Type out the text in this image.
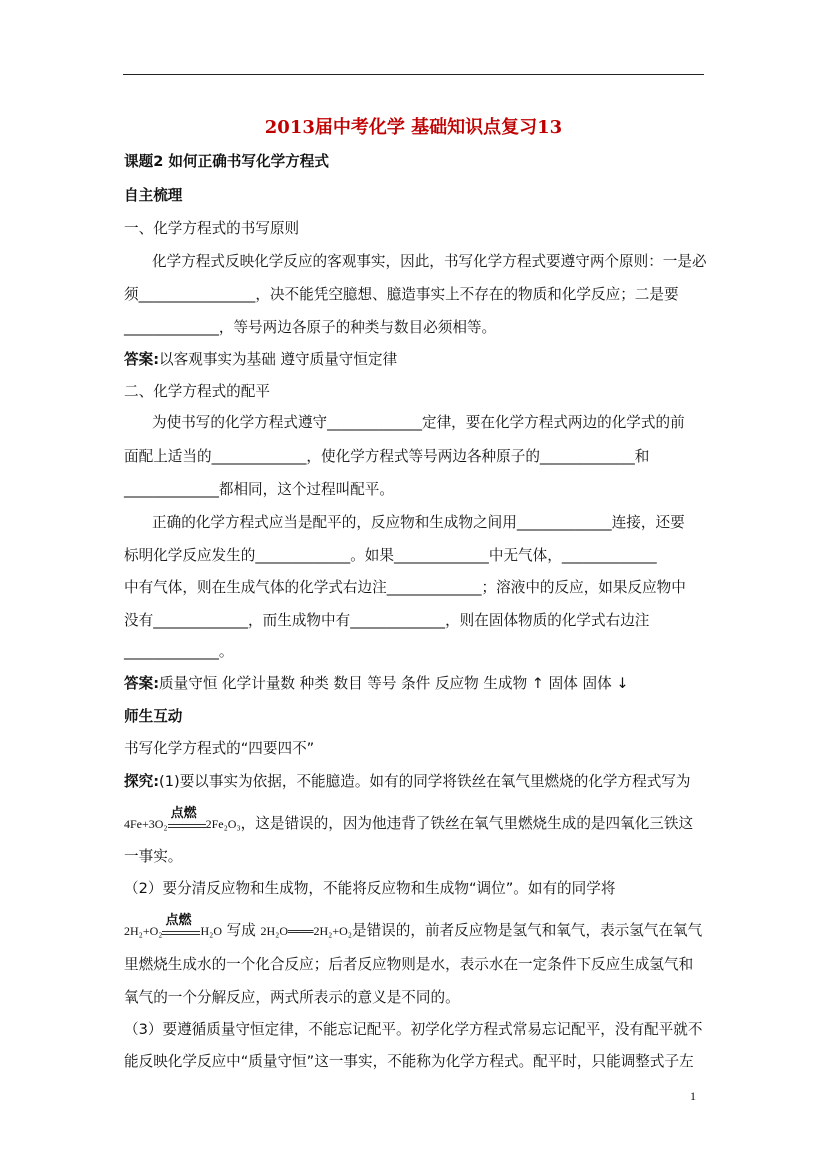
2013届中考化学 基础知识点复习13
课题2 如何正确书写化学方程式
自主梳理
一、化学方程式的书写原则
化学方程式反映化学反应的客观事实，因此，书写化学方程式要遵守两个原则：一是必
须________________，决不能凭空臆想、臆造事实上不存在的物质和化学反应；二是要
_____________，等号两边各原子的种类与数目必须相等。
答案:以客观事实为基础 遵守质量守恒定律
二、化学方程式的配平
为使书写的化学方程式遵守_____________定律，要在化学方程式两边的化学式的前
面配上适当的_____________，使化学方程式等号两边各种原子的_____________和
_____________都相同，这个过程叫配平。
正确的化学方程式应当是配平的，反应物和生成物之间用_____________连接，还要
标明化学反应发生的_____________。如果_____________中无气体，_____________
中有气体，则在生成气体的化学式右边注_____________；溶液中的反应，如果反应物中
没有_____________，而生成物中有_____________，则在固体物质的化学式右边注
_____________。
答案:质量守恒 化学计量数 种类 数目 等号 条件 反应物 生成物 ↑ 固体 固体 ↓
师生互动
书写化学方程式的“四要四不”
探究:(1)要以事实为依据，不能臆造。如有的同学将铁丝在氧气里燃烧的化学方程式写为
4Fe+3O₂
点燃
2Fe₂O₃，这是错误的，因为他违背了铁丝在氧气里燃烧生成的是四氧化三铁这
一事实。
（2）要分清反应物和生成物，不能将反应物和生成物“调位”。如有的同学将
2H₂+O₂
点燃
H₂O 写成 2H₂O═══2H₂+O₂是错误的，前者反应物是氢气和氧气，表示氢气在氧气
里燃烧生成水的一个化合反应；后者反应物则是水，表示水在一定条件下反应生成氢气和
氧气的一个分解反应，两式所表示的意义是不同的。
（3）要遵循质量守恒定律，不能忘记配平。初学化学方程式常易忘记配平，没有配平就不
能反映化学反应中“质量守恒”这一事实，不能称为化学方程式。配平时，只能调整式子左
1
